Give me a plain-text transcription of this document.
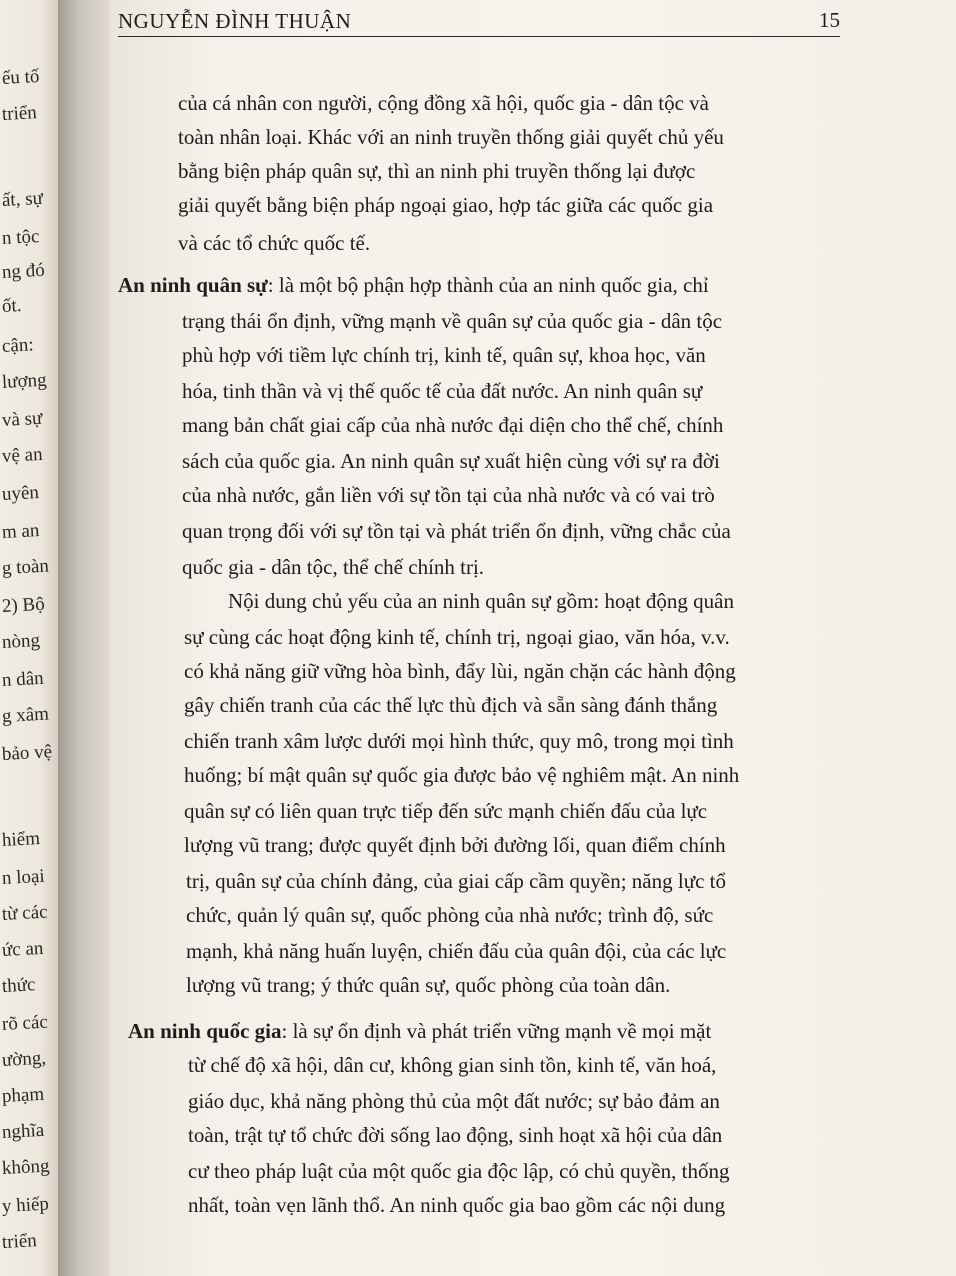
ếu tố
triển
ất, sự
n tộc
ng đó
ốt.
cận:
lượng
và sự
vệ an
uyên
m an
g toàn
2) Bộ
nòng
n dân
g xâm
bảo vệ
hiểm
n loại
từ các
ức an
thức
rõ các
ường,
phạm
nghĩa
không
y hiếp
triển
NGUYỄN ĐÌNH THUẬN	15
của cá nhân con người, cộng đồng xã hội, quốc gia - dân tộc và
toàn nhân loại. Khác với an ninh truyền thống giải quyết chủ yếu
bằng biện pháp quân sự, thì an ninh phi truyền thống lại được
giải quyết bằng biện pháp ngoại giao, hợp tác giữa các quốc gia
và các tổ chức quốc tế.
An ninh quân sự: là một bộ phận hợp thành của an ninh quốc gia, chỉ
trạng thái ổn định, vững mạnh về quân sự của quốc gia - dân tộc
phù hợp với tiềm lực chính trị, kinh tế, quân sự, khoa học, văn
hóa, tinh thần và vị thế quốc tế của đất nước. An ninh quân sự
mang bản chất giai cấp của nhà nước đại diện cho thể chế, chính
sách của quốc gia. An ninh quân sự xuất hiện cùng với sự ra đời
của nhà nước, gắn liền với sự tồn tại của nhà nước và có vai trò
quan trọng đối với sự tồn tại và phát triển ổn định, vững chắc của
quốc gia - dân tộc, thể chế chính trị.
Nội dung chủ yếu của an ninh quân sự gồm: hoạt động quân
sự cùng các hoạt động kinh tế, chính trị, ngoại giao, văn hóa, v.v.
có khả năng giữ vững hòa bình, đẩy lùi, ngăn chặn các hành động
gây chiến tranh của các thế lực thù địch và sẵn sàng đánh thắng
chiến tranh xâm lược dưới mọi hình thức, quy mô, trong mọi tình
huống; bí mật quân sự quốc gia được bảo vệ nghiêm mật. An ninh
quân sự có liên quan trực tiếp đến sức mạnh chiến đấu của lực
lượng vũ trang; được quyết định bởi đường lối, quan điểm chính
trị, quân sự của chính đảng, của giai cấp cầm quyền; năng lực tổ
chức, quản lý quân sự, quốc phòng của nhà nước; trình độ, sức
mạnh, khả năng huấn luyện, chiến đấu của quân đội, của các lực
lượng vũ trang; ý thức quân sự, quốc phòng của toàn dân.
An ninh quốc gia: là sự ổn định và phát triển vững mạnh về mọi mặt
từ chế độ xã hội, dân cư, không gian sinh tồn, kinh tế, văn hoá,
giáo dục, khả năng phòng thủ của một đất nước; sự bảo đảm an
toàn, trật tự tổ chức đời sống lao động, sinh hoạt xã hội của dân
cư theo pháp luật của một quốc gia độc lập, có chủ quyền, thống
nhất, toàn vẹn lãnh thổ. An ninh quốc gia bao gồm các nội dung
